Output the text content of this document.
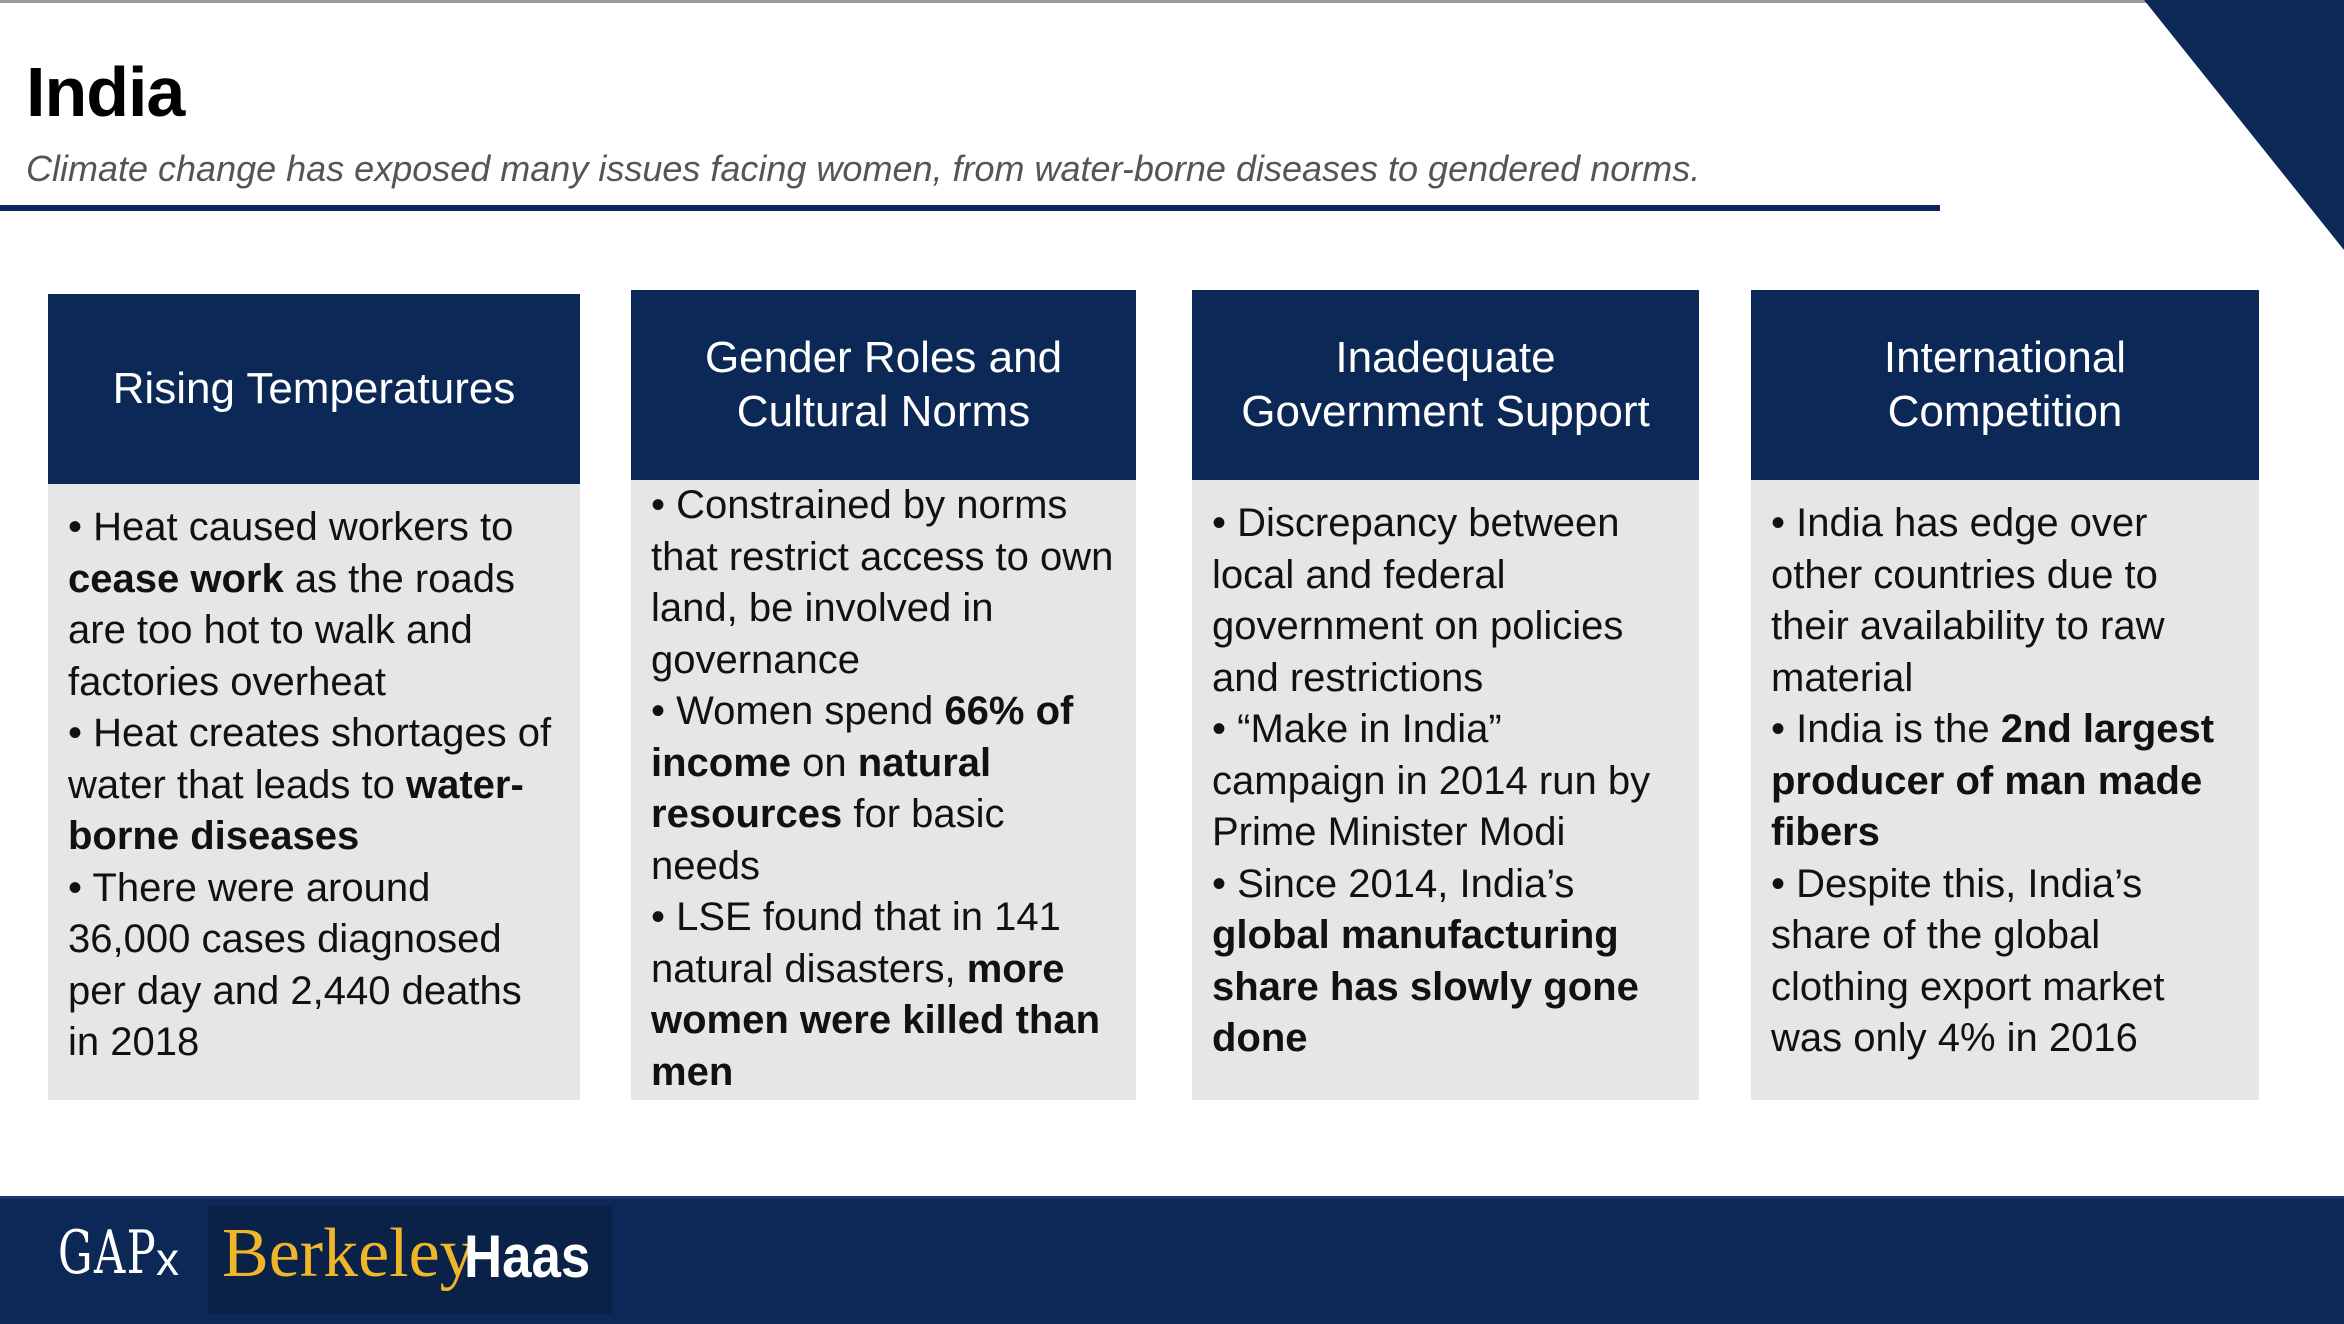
India
Climate change has exposed many issues facing women, from water-borne diseases to gendered norms.
Rising Temperatures
• Heat caused workers to cease work as the roads are too hot to walk and factories overheat
• Heat creates shortages of water that leads to water-borne diseases
• There were around 36,000 cases diagnosed per day and 2,440 deaths in 2018
Gender Roles and Cultural Norms
• Constrained by norms that restrict access to own land, be involved in governance
• Women spend 66% of income on natural resources for basic needs
• LSE found that in 141 natural disasters, more women were killed than men
Inadequate Government Support
• Discrepancy between local and federal government on policies and restrictions
• “Make in India” campaign in 2014 run by Prime Minister Modi
• Since 2014, India’s global manufacturing share has slowly gone done
International Competition
• India has edge over other countries due to their availability to raw material
• India is the 2nd largest producer of man made fibers
• Despite this, India’s share of the global clothing export market was only 4% in 2016
GAP
x Berkeley
Haas
